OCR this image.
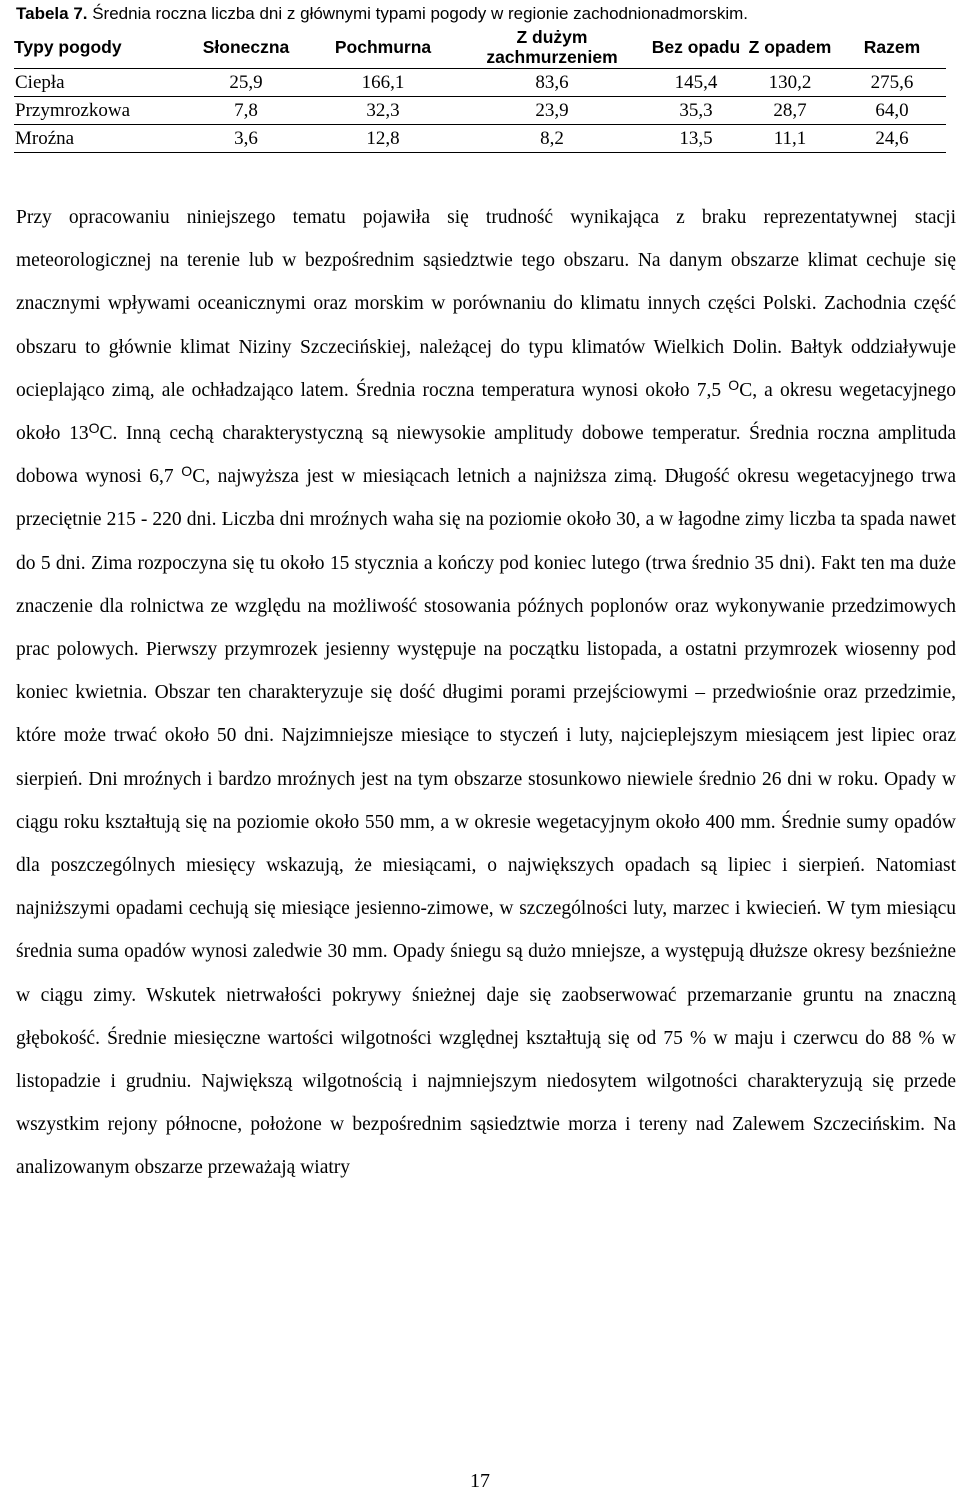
Tabela 7. Średnia roczna liczba dni z głównymi typami pogody w regionie zachodnionadmorskim.
Typy pogody	Słoneczna	Pochmurna	Z dużym zachmurzeniem	Bez opadu	Z opadem	Razem
Ciepła	25,9	166,1	83,6	145,4	130,2	275,6
Przymrozkowa	7,8	32,3	23,9	35,3	28,7	64,0
Mroźna	3,6	12,8	8,2	13,5	11,1	24,6

Przy opracowaniu niniejszego tematu pojawiła się trudność wynikająca z braku reprezentatywnej stacji meteorologicznej na terenie lub w bezpośrednim sąsiedztwie tego obszaru. Na danym obszarze klimat cechuje się znacznymi wpływami oceanicznymi oraz morskim w porównaniu do klimatu innych części Polski. Zachodnia część obszaru to głównie klimat Niziny Szczecińskiej, należącej do typu klimatów Wielkich Dolin. Bałtyk oddziaływuje ocieplająco zimą, ale ochładzająco latem. Średnia roczna temperatura wynosi około 7,5 $^O$C, a okresu wegetacyjnego około $13^OC$. Inną cechą charakterystyczną są niewysokie amplitudy dobowe temperatur. Średnia roczna amplituda dobowa wynosi 6,7 $^O$C, najwyższa jest w miesiącach letnich a najniższa zimą. Długość okresu wegetacyjnego trwa przeciętnie 215 - 220 dni. Liczba dni mroźnych waha się na poziomie około 30, a w łagodne zimy liczba ta spada nawet do 5 dni. Zima rozpoczyna się tu około 15 stycznia a kończy pod koniec lutego (trwa średnio 35 dni). Fakt ten ma duże znaczenie dla rolnictwa ze względu na możliwość stosowania późnych poplonów oraz wykonywanie przedzimowych prac polowych. Pierwszy przymrozek jesienny występuje na początku listopada, a ostatni przymrozek wiosenny pod koniec kwietnia. Obszar ten charakteryzuje się dość długimi porami przejściowymi – przedwiośnie oraz przedzimie, które może trwać około 50 dni. Najzimniejsze miesiące to styczeń i luty, najcieplejszym miesiącem jest lipiec oraz sierpień. Dni mroźnych i bardzo mroźnych jest na tym obszarze stosunkowo niewiele średnio 26 dni w roku. Opady w ciągu roku kształtują się na poziomie około 550 mm, a w okresie wegetacyjnym około 400 mm. Średnie sumy opadów dla poszczególnych miesięcy wskazują, że miesiącami, o największych opadach są lipiec i sierpień. Natomiast najniższymi opadami cechują się miesiące jesienno-zimowe, w szczególności luty, marzec i kwiecień. W tym miesiącu średnia suma opadów wynosi zaledwie 30 mm. Opady śniegu są dużo mniejsze, a występują dłuższe okresy bezśnieżne w ciągu zimy. Wskutek nietrwałości pokrywy śnieżnej daje się zaobserwować przemarzanie gruntu na znaczną głębokość. Średnie miesięczne wartości wilgotności względnej kształtują się od 75 % w maju i czerwcu do 88 % w listopadzie i grudniu. Największą wilgotnością i najmniejszym niedosytem wilgotności charakteryzują się przede wszystkim rejony północne, położone w bezpośrednim sąsiedztwie morza i tereny nad Zalewem Szczecińskim. Na analizowanym obszarze przeważają wiatry

17
